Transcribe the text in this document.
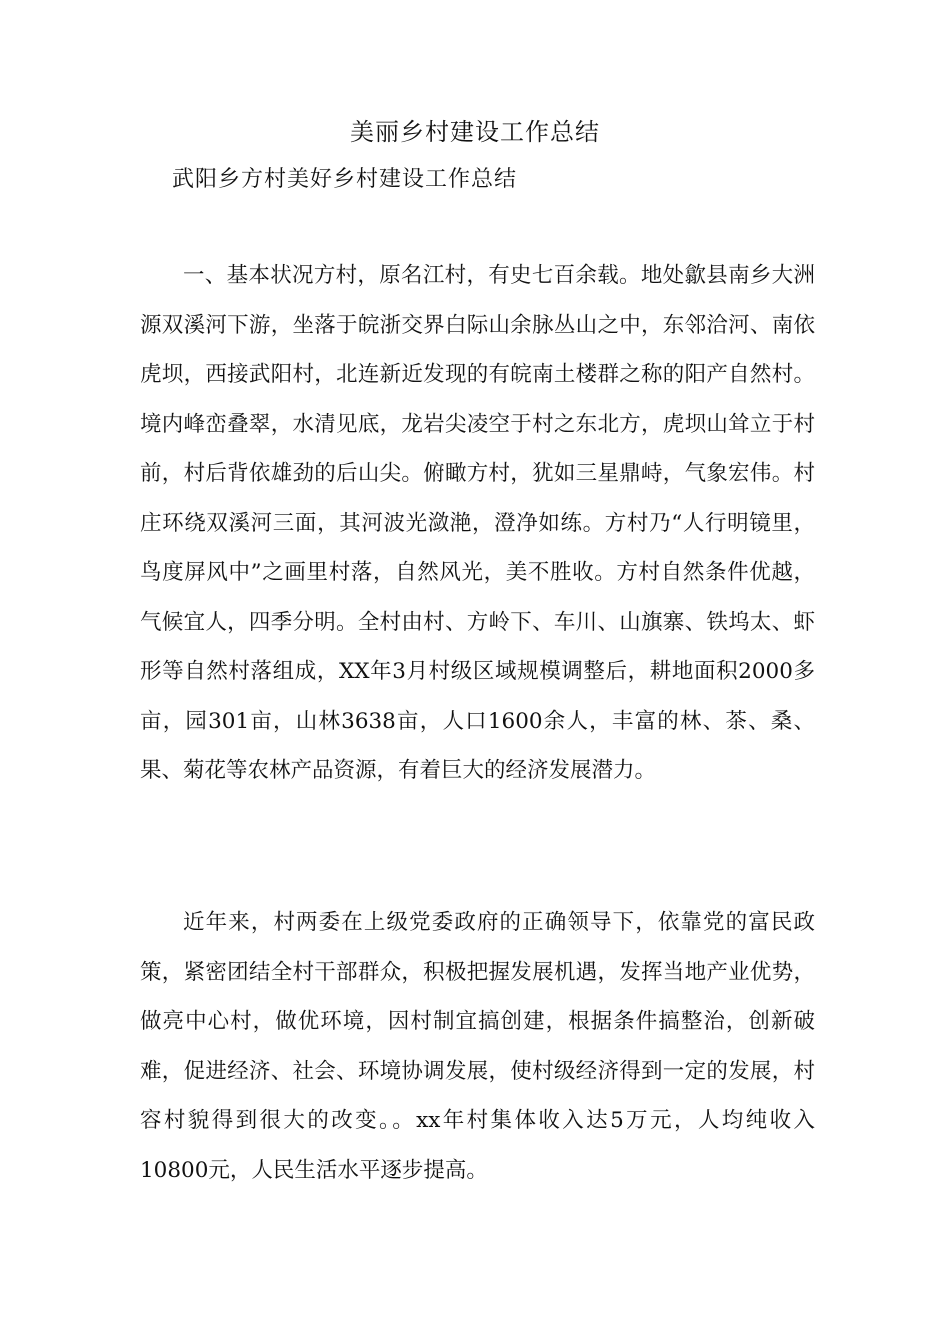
美丽乡村建设工作总结
武阳乡方村美好乡村建设工作总结

一、基本状况方村，原名江村，有史七百余载。地处歙县南乡大洲源双溪河下游，坐落于皖浙交界白际山余脉丛山之中，东邻洽河、南依虎坝，西接武阳村，北连新近发现的有皖南土楼群之称的阳产自然村。境内峰峦叠翠，水清见底，龙岩尖凌空于村之东北方，虎坝山耸立于村前，村后背依雄劲的后山尖。俯瞰方村，犹如三星鼎峙，气象宏伟。村庄环绕双溪河三面，其河波光潋滟，澄净如练。方村乃“人行明镜里，鸟度屏风中”之画里村落，自然风光，美不胜收。方村自然条件优越，气候宜人，四季分明。全村由村、方岭下、车川、山旗寨、铁坞太、虾形等自然村落组成，XX年3月村级区域规模调整后，耕地面积2000多亩，园301亩，山林3638亩，人口1600余人，丰富的林、茶、桑、果、菊花等农林产品资源，有着巨大的经济发展潜力。

近年来，村两委在上级党委政府的正确领导下，依靠党的富民政策，紧密团结全村干部群众，积极把握发展机遇，发挥当地产业优势，做亮中心村，做优环境，因村制宜搞创建，根据条件搞整治，创新破难，促进经济、社会、环境协调发展，使村级经济得到一定的发展，村容村貌得到很大的改变。。xx年村集体收入达5万元，人均纯收入10800元，人民生活水平逐步提高。
